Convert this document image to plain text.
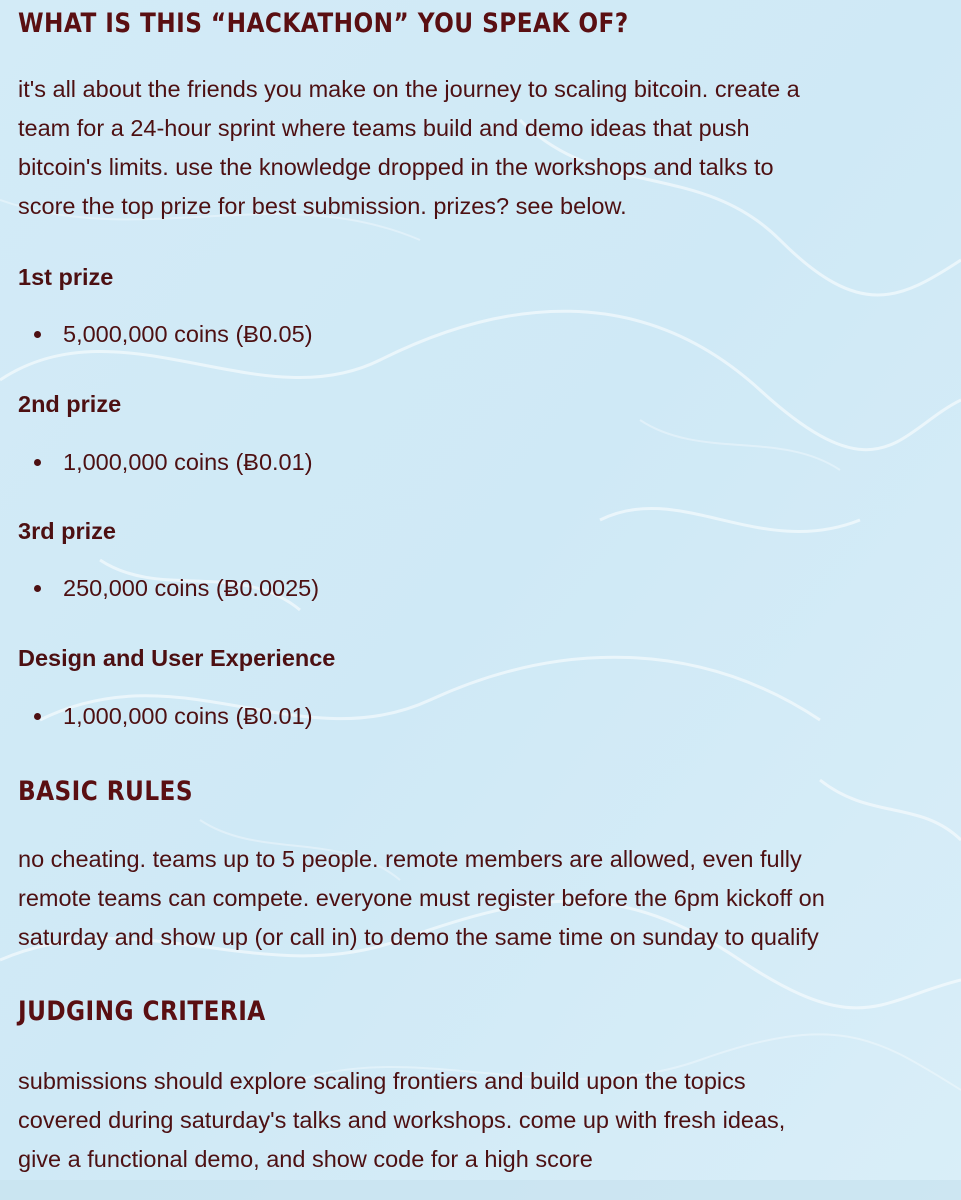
WHAT IS THIS “HACKATHON” YOU SPEAK OF?

it's all about the friends you make on the journey to scaling bitcoin. create a
team for a 24-hour sprint where teams build and demo ideas that push
bitcoin's limits. use the knowledge dropped in the workshops and talks to
score the top prize for best submission. prizes? see below.

1st prize

5,000,000 coins (Ƀ0.05)

2nd prize

1,000,000 coins (Ƀ0.01)

3rd prize

250,000 coins (Ƀ0.0025)

Design and User Experience

1,000,000 coins (Ƀ0.01)
BASIC RULES

no cheating. teams up to 5 people. remote members are allowed, even fully
remote teams can compete. everyone must register before the 6pm kickoff on
saturday and show up (or call in) to demo the same time on sunday to qualify

JUDGING CRITERIA

submissions should explore scaling frontiers and build upon the topics
covered during saturday's talks and workshops. come up with fresh ideas,
give a functional demo, and show code for a high score
